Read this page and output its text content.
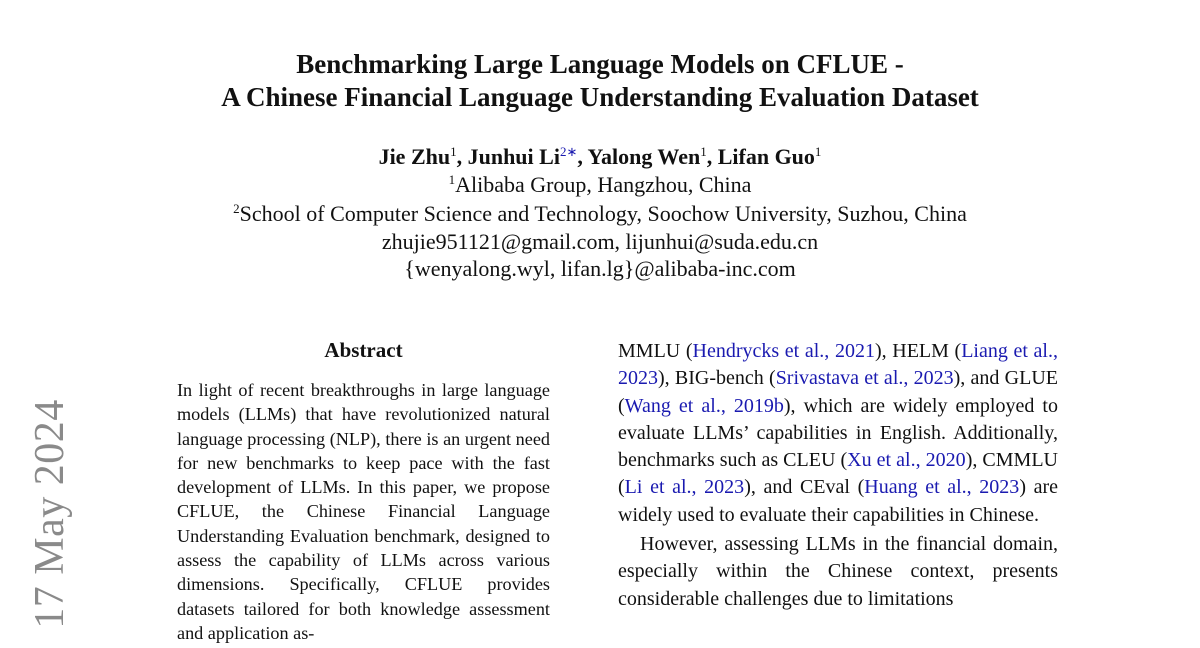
Benchmarking Large Language Models on CFLUE -
A Chinese Financial Language Understanding Evaluation Dataset
Jie Zhu$^1$, Junhui $Li^{2∗}$, Yalong Wen$^1$, Lifan Guo$^1$
$^1$Alibaba Group, Hangzhou, China
$^2$School of Computer Science and Technology, Soochow University, Suzhou, China
zhujie951121@gmail.com, lijunhui@suda.edu.cn
{wenyalong.wyl, lifan.lg}@alibaba-inc.com
17 May 2024
Abstract
In light of recent breakthroughs in large language models (LLMs) that have revolutionized natural language processing (NLP), there is an urgent need for new benchmarks to keep pace with the fast development of LLMs. In this paper, we propose CFLUE, the Chinese Financial Language Understanding Evaluation benchmark, designed to assess the capability of LLMs across various dimensions. Specifically, CFLUE provides datasets tailored for both knowledge assessment and application as-

MMLU (Hendrycks et al., 2021), HELM (Liang et al., 2023), BIG-bench (Srivastava et al., 2023), and GLUE (Wang et al., 2019b), which are widely employed to evaluate LLMs’ capabilities in English. Additionally, benchmarks such as CLEU (Xu et al., 2020), CMMLU (Li et al., 2023), and CEval (Huang et al., 2023) are widely used to evaluate their capabilities in Chinese.

However, assessing LLMs in the financial domain, especially within the Chinese context, presents considerable challenges due to limitations
